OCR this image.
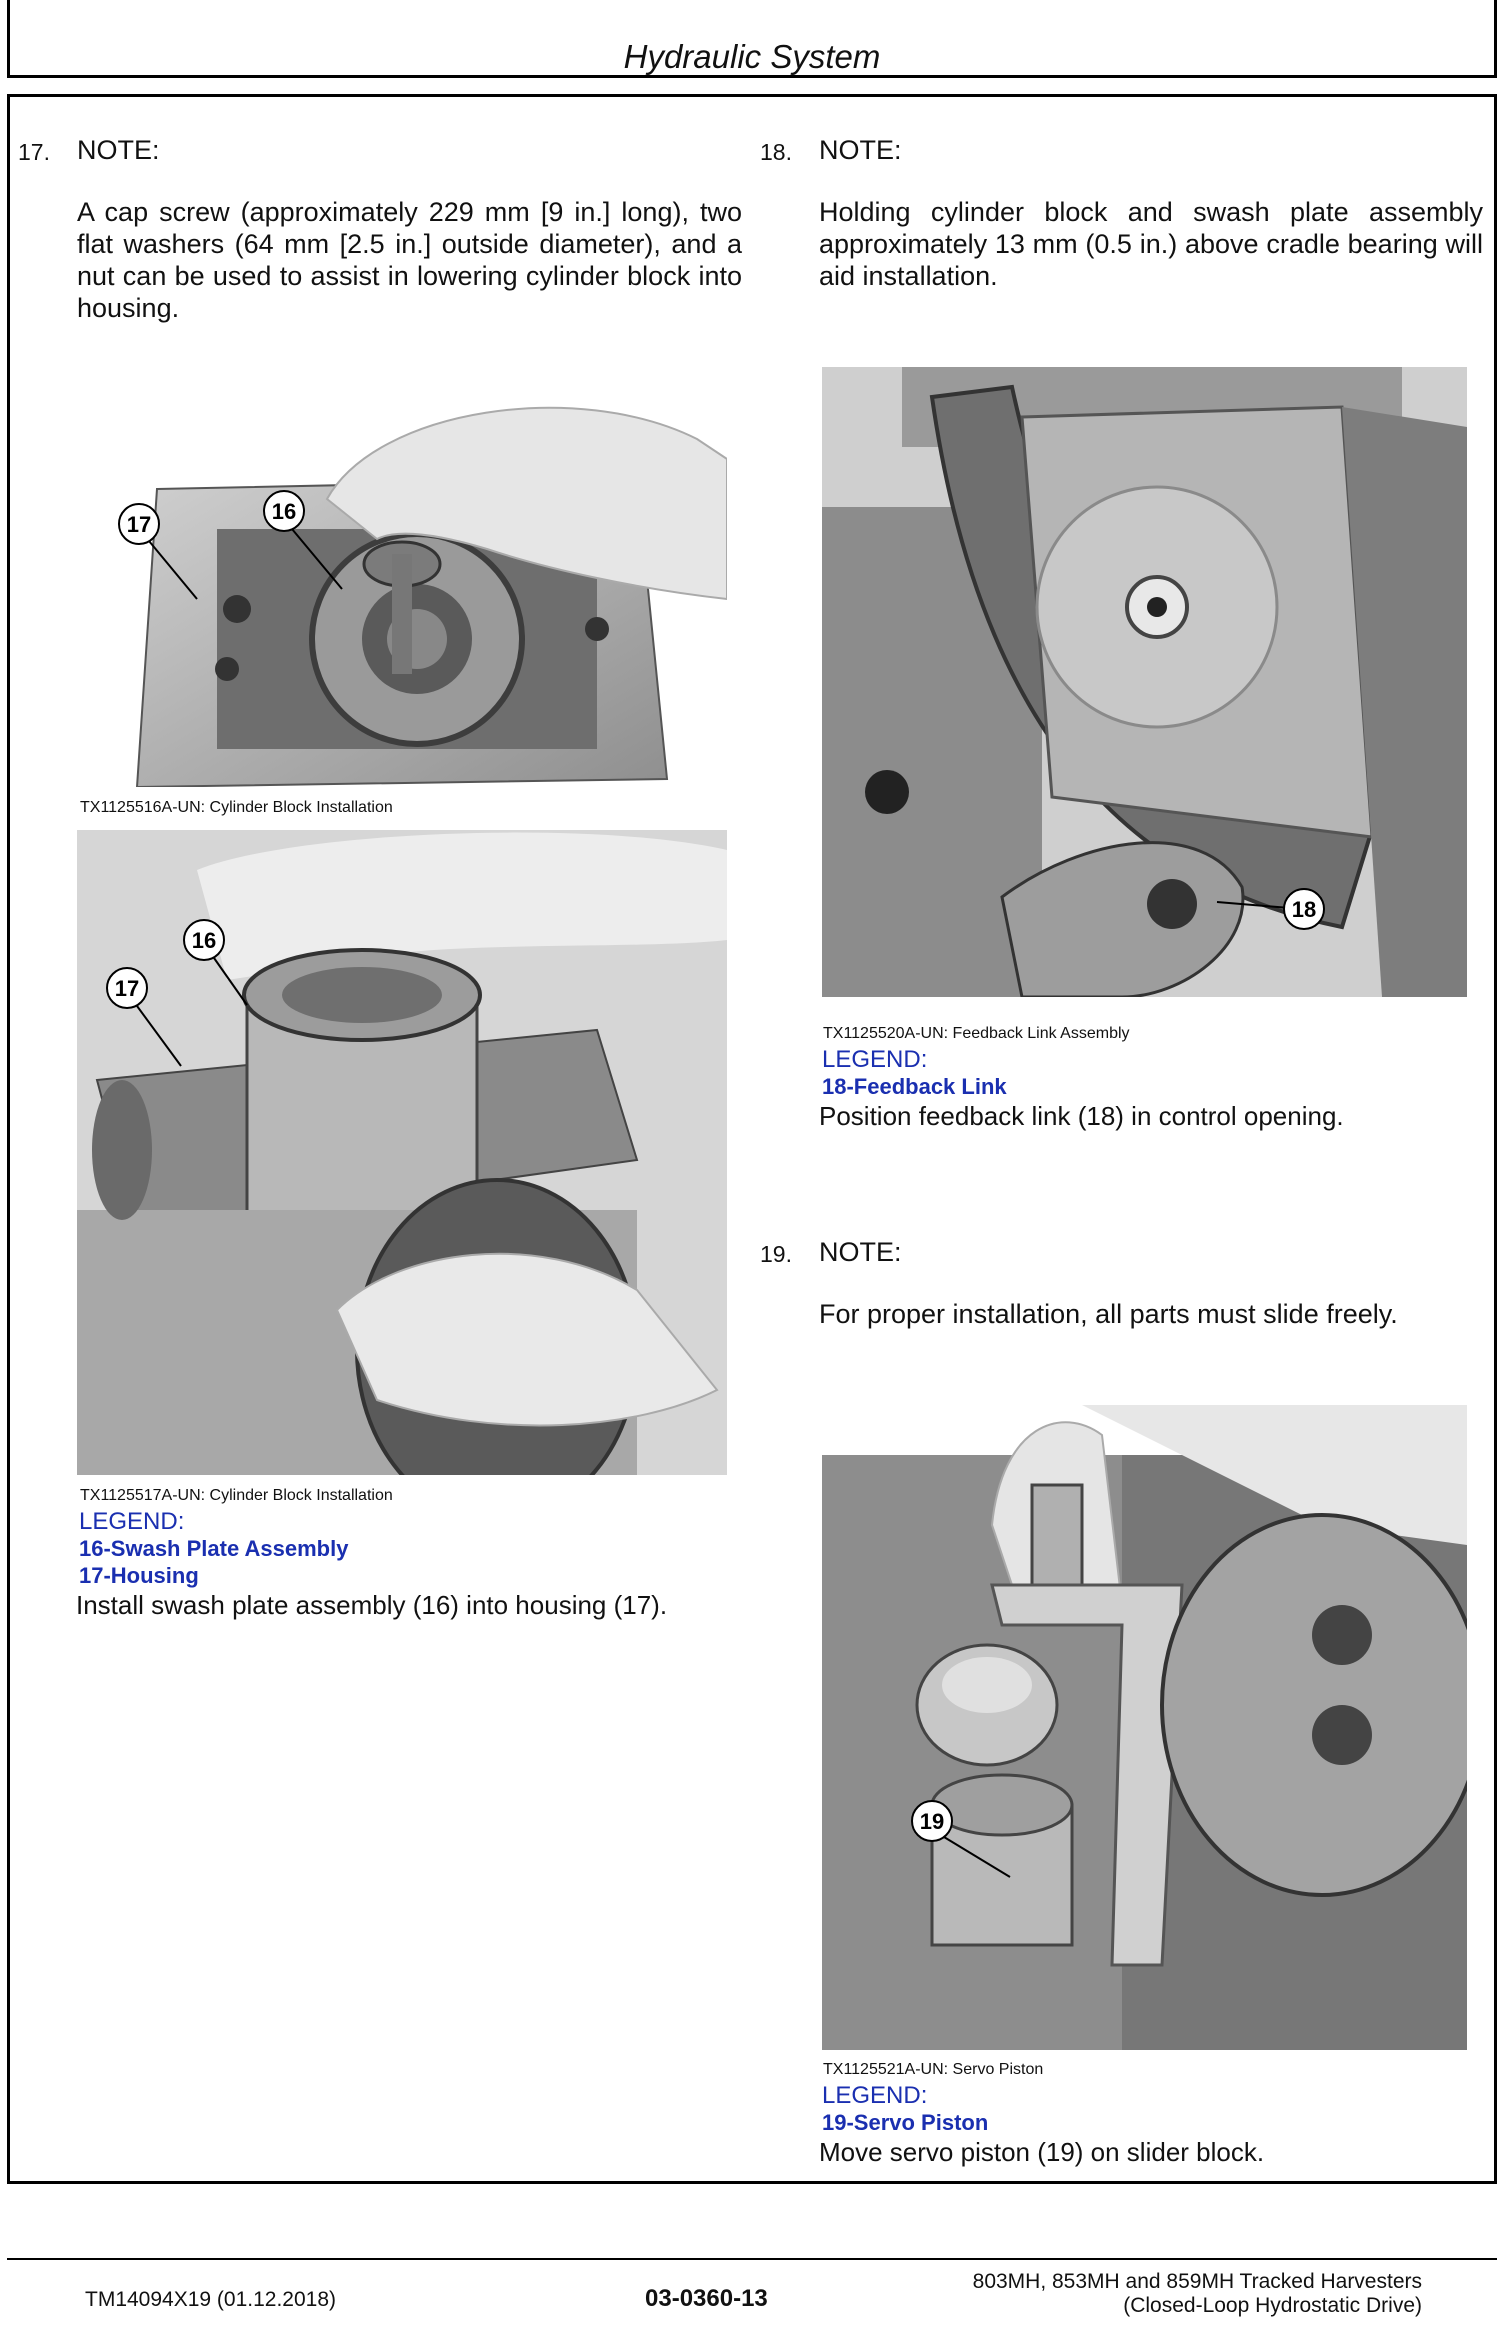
Hydraulic System
17. NOTE:
A cap screw (approximately 229 mm [9 in.] long), two flat washers (64 mm [2.5 in.] outside diameter), and a nut can be used to assist in lowering cylinder block into housing.
18. NOTE:
Holding cylinder block and swash plate assembly approximately 13 mm (0.5 in.) above cradle bearing will aid installation.
17
16
TX1125516A-UN: Cylinder Block Installation
16
17
TX1125517A-UN: Cylinder Block Installation
LEGEND:
16-Swash Plate Assembly
17-Housing
Install swash plate assembly (16) into housing (17).
18
TX1125520A-UN: Feedback Link Assembly
LEGEND:
18-Feedback Link
Position feedback link (18) in control opening.
19. NOTE:
For proper installation, all parts must slide freely.
19
TX1125521A-UN: Servo Piston
LEGEND:
19-Servo Piston
Move servo piston (19) on slider block.
TM14094X19 (01.12.2018)	03-0360-13
803MH, 853MH and 859MH Tracked Harvesters
(Closed-Loop Hydrostatic Drive)
